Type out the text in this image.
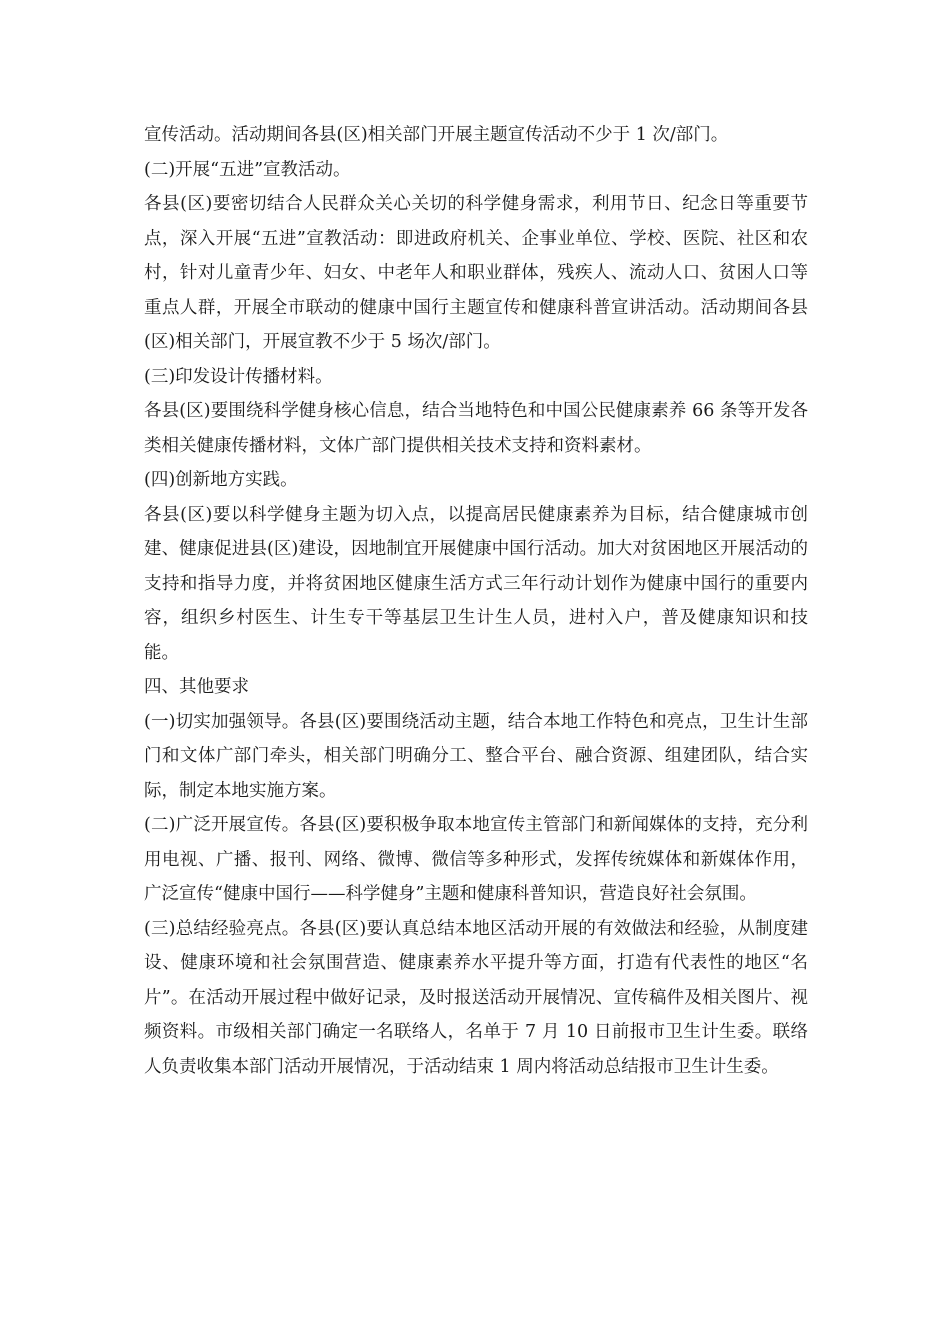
宣传活动。活动期间各县(区)相关部门开展主题宣传活动不少于 1 次/部门。

(二)开展“五进”宣教活动。

各县(区)要密切结合人民群众关心关切的科学健身需求，利用节日、纪念日等重要节点，深入开展“五进”宣教活动：即进政府机关、企事业单位、学校、医院、社区和农村，针对儿童青少年、妇女、中老年人和职业群体，残疾人、流动人口、贫困人口等重点人群，开展全市联动的健康中国行主题宣传和健康科普宣讲活动。活动期间各县(区)相关部门，开展宣教不少于 5 场次/部门。

(三)印发设计传播材料。

各县(区)要围绕科学健身核心信息，结合当地特色和中国公民健康素养 66 条等开发各类相关健康传播材料，文体广部门提供相关技术支持和资料素材。

(四)创新地方实践。

各县(区)要以科学健身主题为切入点，以提高居民健康素养为目标，结合健康城市创建、健康促进县(区)建设，因地制宜开展健康中国行活动。加大对贫困地区开展活动的支持和指导力度，并将贫困地区健康生活方式三年行动计划作为健康中国行的重要内容，组织乡村医生、计生专干等基层卫生计生人员，进村入户，普及健康知识和技能。

四、其他要求

(一)切实加强领导。各县(区)要围绕活动主题，结合本地工作特色和亮点，卫生计生部门和文体广部门牵头，相关部门明确分工、整合平台、融合资源、组建团队，结合实际，制定本地实施方案。

(二)广泛开展宣传。各县(区)要积极争取本地宣传主管部门和新闻媒体的支持，充分利用电视、广播、报刊、网络、微博、微信等多种形式，发挥传统媒体和新媒体作用，广泛宣传“健康中国行——科学健身”主题和健康科普知识，营造良好社会氛围。

(三)总结经验亮点。各县(区)要认真总结本地区活动开展的有效做法和经验，从制度建设、健康环境和社会氛围营造、健康素养水平提升等方面，打造有代表性的地区“名片”。在活动开展过程中做好记录，及时报送活动开展情况、宣传稿件及相关图片、视频资料。市级相关部门确定一名联络人，名单于 7 月 10 日前报市卫生计生委。联络人负责收集本部门活动开展情况，于活动结束 1 周内将活动总结报市卫生计生委。
